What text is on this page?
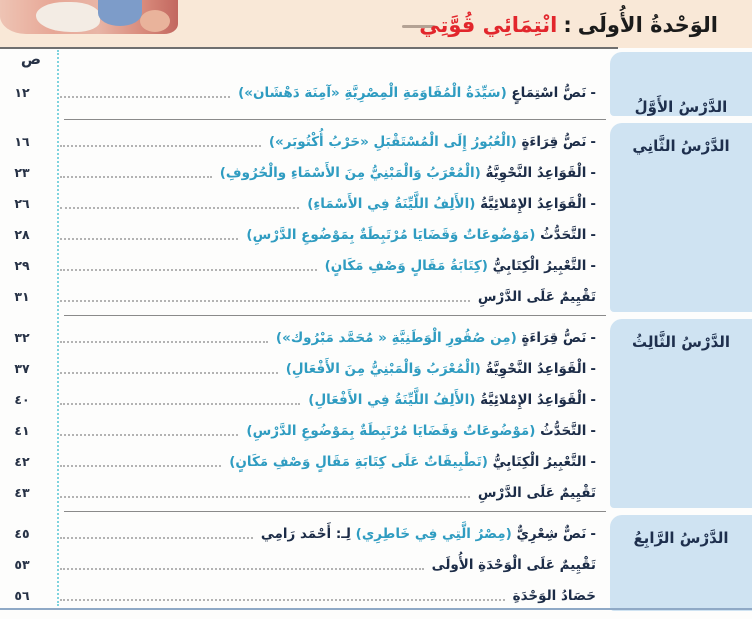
الوَحْدةُ الأُولَى
:
انْتِمَائِي قُوَّتِي
ص
الدَّرْسُ الأَوَّلُ
-نَصُّ اسْتِمَاعٍ (سَيِّدَةُ الْمُقَاوَمَةِ الْمِصْرِيَّةِ «آمِنَة دَهْشَان»)
١٢
الدَّرْسُ الثَّانِي
-نَصُّ قِرَاءَةٍ (الْعُبُورُ إِلَى الْمُسْتَقْبَلِ «حَرْبُ أُكْتُوبَر»)
١٦
-الْقَوَاعِدُ النَّحْوِيَّةُ (الْمُعْرَبُ وَالْمَبْنِيُّ مِنَ الأَسْمَاءِ والْحُرُوفِ)
٢٣
-الْقَوَاعِدُ الإِمْلائِيَّةُ (الأَلِفُ اللَّيِّنَةُ فِي الأَسْمَاءِ)
٢٦
-التَّحَدُّثُ (مَوْضُوعَاتٌ وَقَضَايَا مُرْتَبِطَةٌ بِمَوْضُوعِ الدَّرْسِ)
٢٨
-التَّعْبِيرُ الْكِتَابِيُّ (كِتَابَةُ مَقَالٍ وَصْفِ مَكَانٍ)
٢٩
تَقْيِيمٌ عَلَى الدَّرْسِ
٣١
الدَّرْسُ الثَّالِثُ
-نَصُّ قِرَاءَةٍ (مِن صُقُورِ الْوَطَنِيَّةِ « مُحَمَّد مَبْرُوك»)
٣٢
-الْقَوَاعِدُ النَّحْوِيَّةُ (الْمُعْرَبُ وَالْمَبْنِيُّ مِنَ الأَفْعَالِ)
٣٧
-الْقَوَاعِدُ الإِمْلائِيَّةُ (الأَلِفُ اللَّيِّنَةُ فِي الأَفْعَالِ)
٤٠
-التَّحَدُّثُ (مَوْضُوعَاتٌ وَقَضَايَا مُرْتَبِطَةٌ بِمَوْضُوعِ الدَّرْسِ)
٤١
-التَّعْبِيرُ الْكِتَابِيُّ (تَطْبِيقَاتٌ عَلَى كِتَابَةِ مَقَالٍ وَصْفِ مَكَانٍ)
٤٢
تَقْيِيمٌ عَلَى الدَّرْسِ
٤٣
الدَّرْسُ الرَّابِعُ
-نَصٌّ شِعْرِيٌّ (مِصْرُ الَّتِي فِي خَاطِرِي) لِـ: أَحْمَد رَامِي
٤٥
تَقْيِيمٌ عَلَى الْوَحْدَةِ الأُولَى
٥٣
حَصَادُ الوَحْدَةِ
٥٦
